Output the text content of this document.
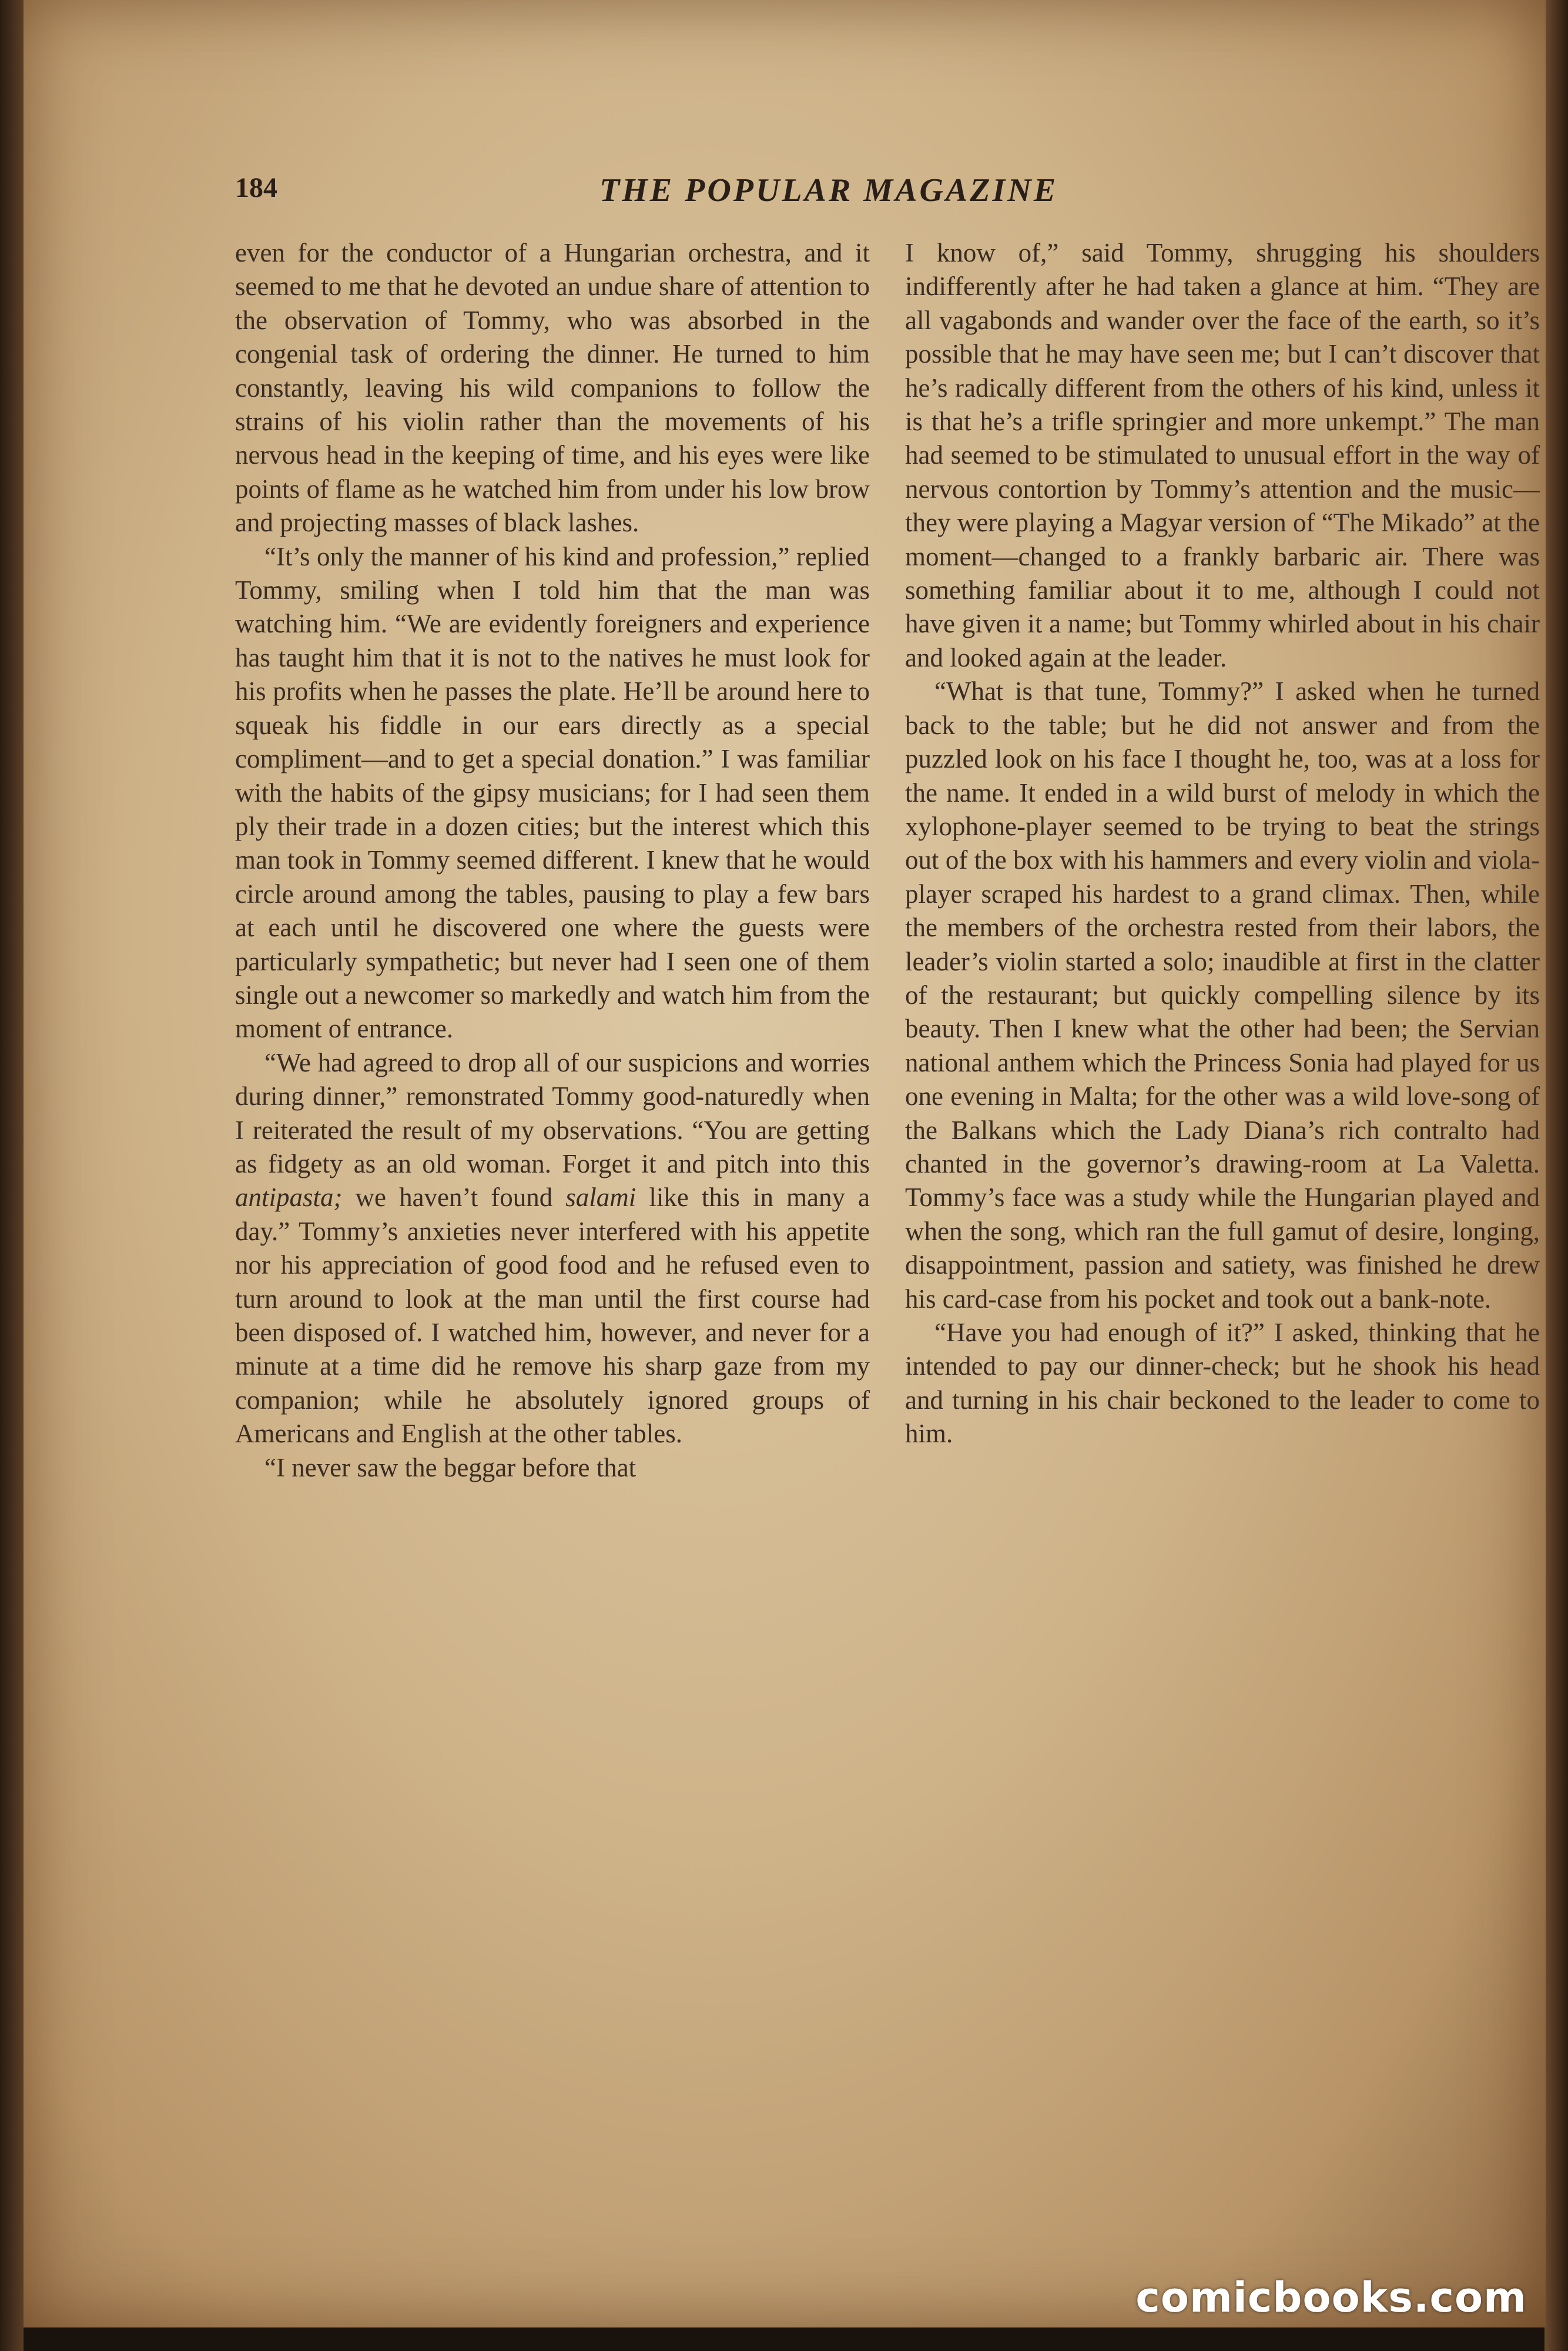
184	THE POPULAR MAGAZINE

even for the conductor of a Hungarian orchestra, and it seemed to me that he devoted an undue share of attention to the observation of Tommy, who was absorbed in the congenial task of ordering the dinner. He turned to him constantly, leaving his wild companions to follow the strains of his violin rather than the movements of his nervous head in the keeping of time, and his eyes were like points of flame as he watched him from under his low brow and projecting masses of black lashes.

“It’s only the manner of his kind and profession,” replied Tommy, smiling when I told him that the man was watching him. “We are evidently foreigners and experience has taught him that it is not to the natives he must look for his profits when he passes the plate. He’ll be around here to squeak his fiddle in our ears directly as a special compliment—and to get a special donation.” I was familiar with the habits of the gipsy musicians; for I had seen them ply their trade in a dozen cities; but the interest which this man took in Tommy seemed different. I knew that he would circle around among the tables, pausing to play a few bars at each until he discovered one where the guests were particularly sympathetic; but never had I seen one of them single out a newcomer so markedly and watch him from the moment of entrance.

“We had agreed to drop all of our suspicions and worries during dinner,” remonstrated Tommy good-naturedly when I reiterated the result of my observations. “You are getting as fidgety as an old woman. Forget it and pitch into this antipasta; we haven’t found salami like this in many a day.” Tommy’s anxieties never interfered with his appetite nor his appreciation of good food and he refused even to turn around to look at the man until the first course had been disposed of. I watched him, however, and never for a minute at a time did he remove his sharp gaze from my companion; while he absolutely ignored groups of Americans and English at the other tables.

“I never saw the beggar before that

I know of,” said Tommy, shrugging his shoulders indifferently after he had taken a glance at him. “They are all vagabonds and wander over the face of the earth, so it’s possible that he may have seen me; but I can’t discover that he’s radically different from the others of his kind, unless it is that he’s a trifle springier and more unkempt.” The man had seemed to be stimulated to unusual effort in the way of nervous contortion by Tommy’s attention and the music—they were playing a Magyar version of “The Mikado” at the moment—changed to a frankly barbaric air. There was something familiar about it to me, although I could not have given it a name; but Tommy whirled about in his chair and looked again at the leader.

“What is that tune, Tommy?” I asked when he turned back to the table; but he did not answer and from the puzzled look on his face I thought he, too, was at a loss for the name. It ended in a wild burst of melody in which the xylophone-player seemed to be trying to beat the strings out of the box with his hammers and every violin and viola-player scraped his hardest to a grand climax. Then, while the members of the orchestra rested from their labors, the leader’s violin started a solo; inaudible at first in the clatter of the restaurant; but quickly compelling silence by its beauty. Then I knew what the other had been; the Servian national anthem which the Princess Sonia had played for us one evening in Malta; for the other was a wild love-song of the Balkans which the Lady Diana’s rich contralto had chanted in the governor’s drawing-room at La Valetta. Tommy’s face was a study while the Hungarian played and when the song, which ran the full gamut of desire, longing, disappointment, passion and satiety, was finished he drew his card-case from his pocket and took out a bank-note.

“Have you had enough of it?” I asked, thinking that he intended to pay our dinner-check; but he shook his head and turning in his chair beckoned to the leader to come to him.

comicbooks.com
